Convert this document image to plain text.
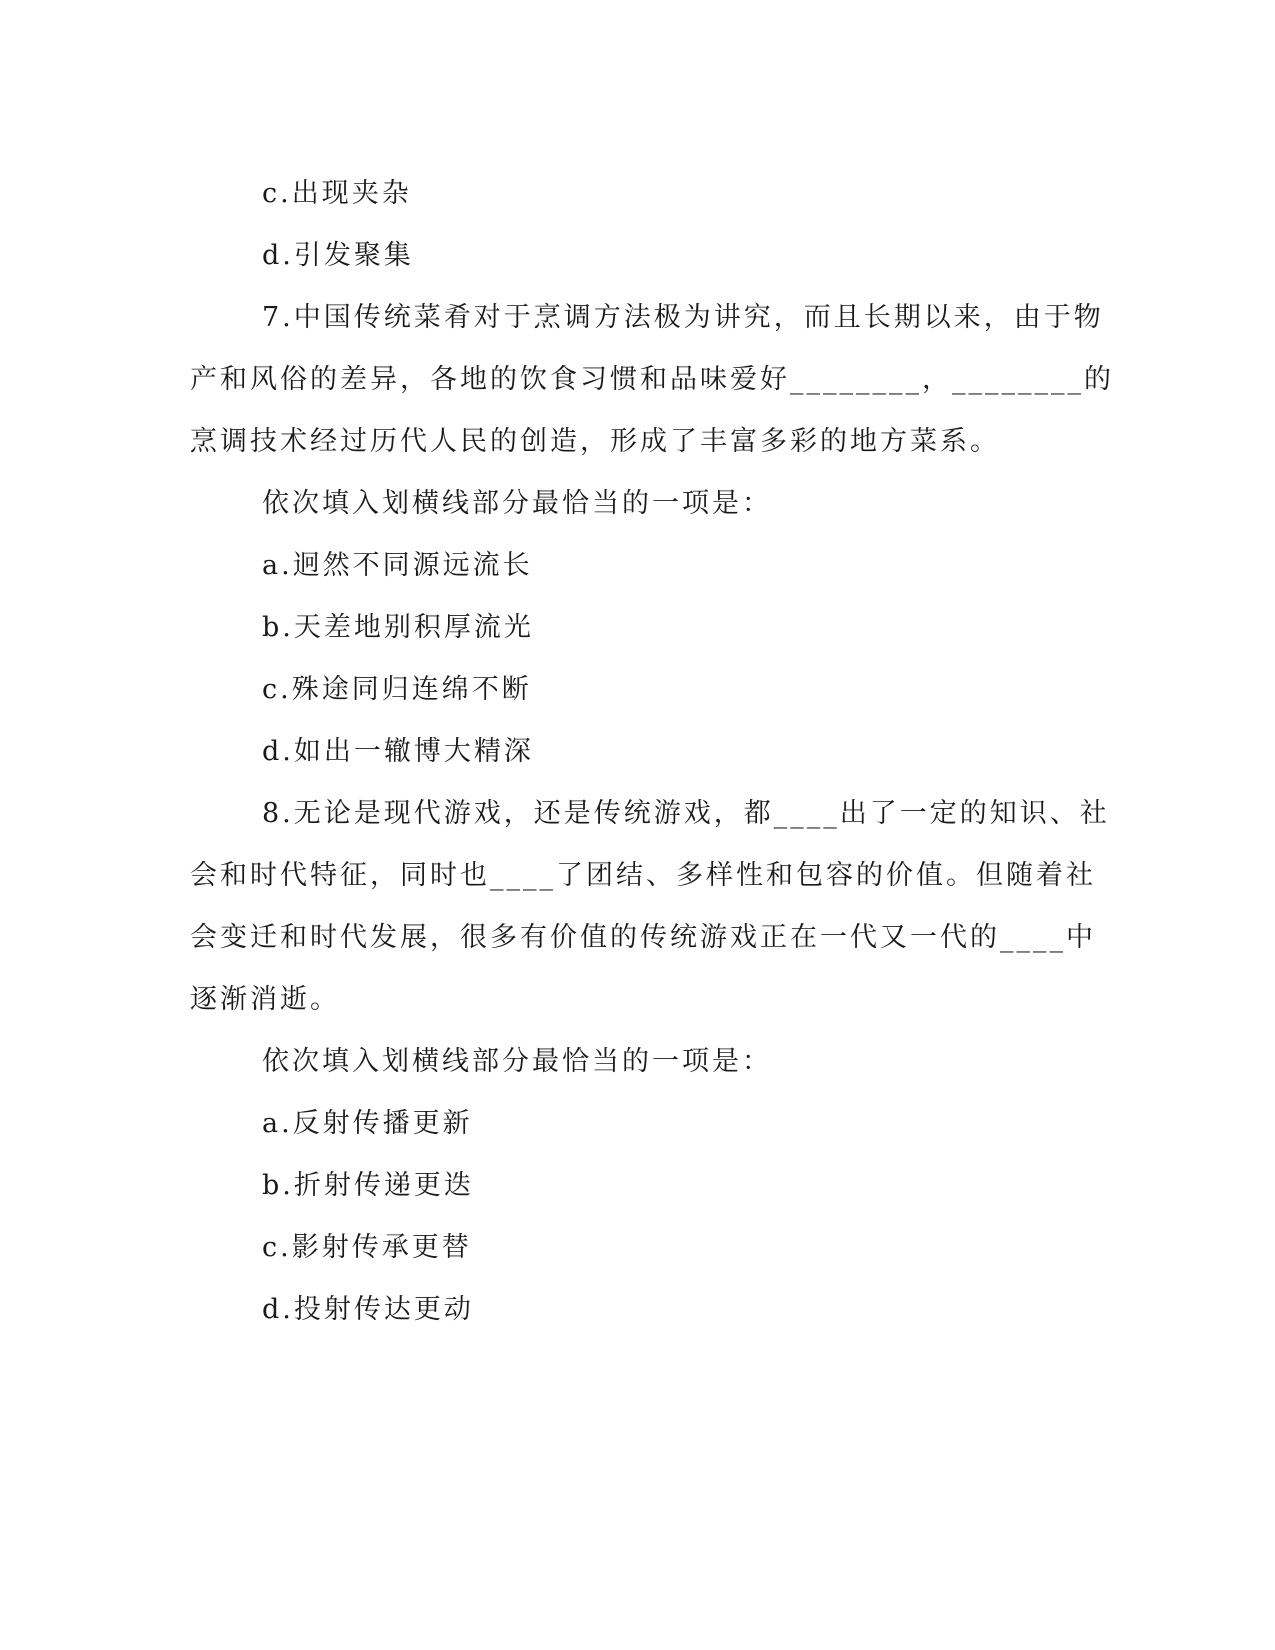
c.出现夹杂
d.引发聚集
7.中国传统菜肴对于烹调方法极为讲究，而且长期以来，由于物
产和风俗的差异，各地的饮食习惯和品味爱好________，________的
烹调技术经过历代人民的创造，形成了丰富多彩的地方菜系。
依次填入划横线部分最恰当的一项是：
a.迥然不同源远流长
b.天差地别积厚流光
c.殊途同归连绵不断
d.如出一辙博大精深
8.无论是现代游戏，还是传统游戏，都____出了一定的知识、社
会和时代特征，同时也____了团结、多样性和包容的价值。但随着社
会变迁和时代发展，很多有价值的传统游戏正在一代又一代的____中
逐渐消逝。
依次填入划横线部分最恰当的一项是：
a.反射传播更新
b.折射传递更迭
c.影射传承更替
d.投射传达更动
